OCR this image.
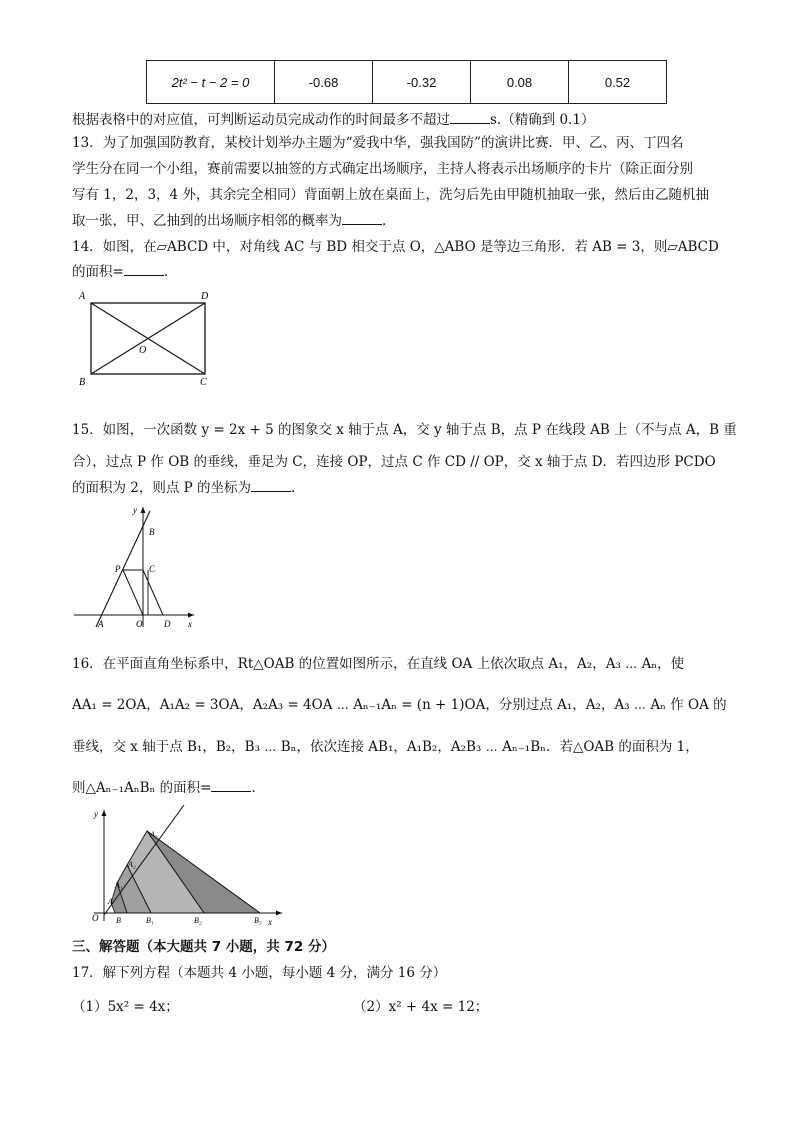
2t² − t − 2 = 0	-0.68	-0.32	0.08	0.52
根据表格中的对应值，可判断运动员完成动作的时间最多不超过	s.（精确到 0.1）
13．为了加强国防教育，某校计划举办主题为“爱我中华，强我国防”的演讲比赛．甲、乙、丙、丁四名
学生分在同一个小组，赛前需要以抽签的方式确定出场顺序，主持人将表示出场顺序的卡片（除正面分别
写有 1，2，3，4 外，其余完全相同）背面朝上放在桌面上，洗匀后先由甲随机抽取一张，然后由乙随机抽
取一张，甲、乙抽到的出场顺序相邻的概率为	.
14．如图，在▱ABCD 中，对角线 AC 与 BD 相交于点 O，△ABO 是等边三角形．若 AB = 3，则▱ABCD
的面积=	.
A	D
B	C
O
15．如图，一次函数 y = 2x + 5 的图象交 x 轴于点 A，交 y 轴于点 B，点 P 在线段 AB 上（不与点 A，B 重
合），过点 P 作 OB 的垂线，垂足为 C，连接 OP，过点 C 作 CD // OP，交 x 轴于点 D．若四边形 PCDO
的面积为 2，则点 P 的坐标为	.
y
x
B
P	C
A	O D
16．在平面直角坐标系中，Rt△OAB 的位置如图所示，在直线 OA 上依次取点 A₁，A₂，A₃ ⋯ Aₙ，使
AA₁ = 2OA，A₁A₂ = 3OA，A₂A₃ = 4OA ⋯ Aₙ₋₁Aₙ = (n + 1)OA，分别过点 A₁，A₂，A₃ ⋯ Aₙ 作 OA 的
垂线，交 x 轴于点 B₁，B₂，B₃ ⋯ Bₙ，依次连接 AB₁，A₁B₂，A₂B₃ ⋯ Aₙ₋₁Bₙ．若△OAB 的面积为 1，
则△Aₙ₋₁AₙBₙ 的面积=	.
y
x
O
A
A₁
A₂
A₃
B	B₁	B₂	B₃
三、解答题（本大题共 7 小题，共 72 分）
17．解下列方程（本题共 4 小题，每小题 4 分，满分 16 分）
（1）5x² = 4x；	（2）x² + 4x = 12；
